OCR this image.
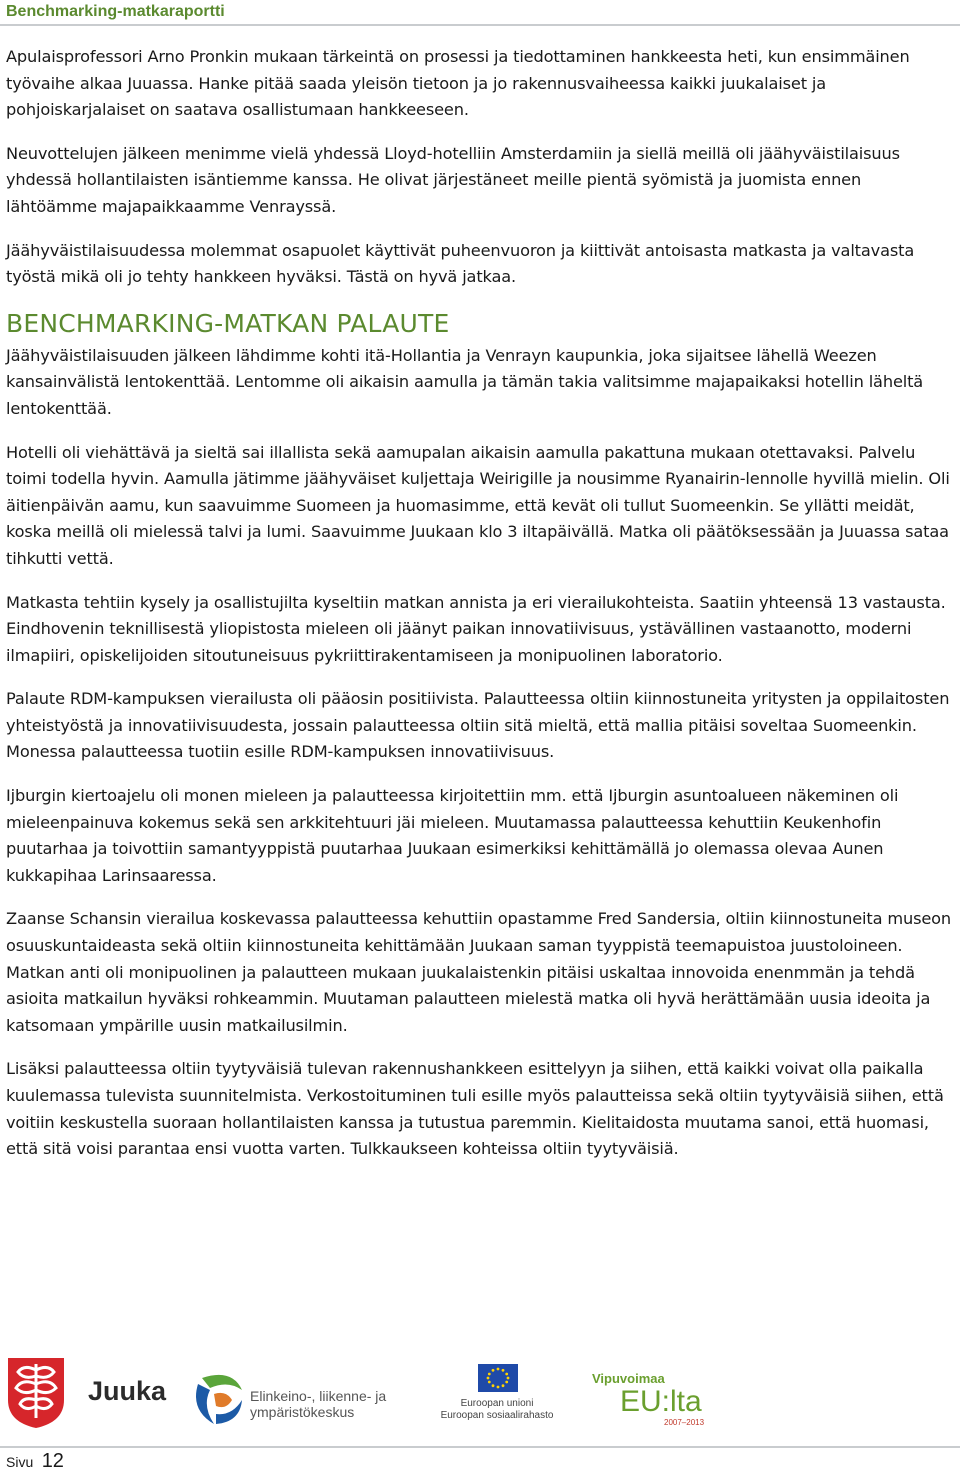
Benchmarking-matkaraportti

Apulaisprofessori Arno Pronkin mukaan tärkeintä on prosessi ja tiedottaminen hankkeesta heti, kun ensimmäinen työvaihe alkaa Juuassa. Hanke pitää saada yleisön tietoon ja jo rakennusvaiheessa kaikki juukalaiset ja pohjoiskarjalaiset on saatava osallistumaan hankkeeseen.

Neuvottelujen jälkeen menimme vielä yhdessä Lloyd-hotelliin Amsterdamiin ja siellä meillä oli jäähyväistilaisuus yhdessä hollantilaisten isäntiemme kanssa. He olivat järjestäneet meille pientä syömistä ja juomista ennen lähtöämme majapaikkaamme Venrayssä.

Jäähyväistilaisuudessa molemmat osapuolet käyttivät puheenvuoron ja kiittivät antoisasta matkasta ja valtavasta työstä mikä oli jo tehty hankkeen hyväksi. Tästä on hyvä jatkaa.

BENCHMARKING-MATKAN PALAUTE

Jäähyväistilaisuuden jälkeen lähdimme kohti itä-Hollantia ja Venrayn kaupunkia, joka sijaitsee lähellä Weezen kansainvälistä lentokenttää. Lentomme oli aikaisin aamulla ja tämän takia valitsimme majapaikaksi hotellin läheltä lentokenttää.

Hotelli oli viehättävä ja sieltä sai illallista sekä aamupalan aikaisin aamulla pakattuna mukaan otettavaksi. Palvelu toimi todella hyvin. Aamulla jätimme jäähyväiset kuljettaja Weirigille ja nousimme Ryanairin-lennolle hyvillä mielin. Oli äitienpäivän aamu, kun saavuimme Suomeen ja huomasimme, että kevät oli tullut Suomeenkin. Se yllätti meidät, koska meillä oli mielessä talvi ja lumi. Saavuimme Juukaan klo 3 iltapäivällä. Matka oli päätöksessään ja Juuassa sataa tihkutti vettä.

Matkasta tehtiin kysely ja osallistujilta kyseltiin matkan annista ja eri vierailukohteista. Saatiin yhteensä 13 vastausta. Eindhovenin teknillisestä yliopistosta mieleen oli jäänyt paikan innovatiivisuus, ystävällinen vastaanotto, moderni ilmapiiri, opiskelijoiden sitoutuneisuus pykriittirakentamiseen ja monipuolinen laboratorio.

Palaute RDM-kampuksen vierailusta oli pääosin positiivista. Palautteessa oltiin kiinnostuneita yritysten ja oppilaitosten yhteistyöstä ja innovatiivisuudesta, jossain palautteessa oltiin sitä mieltä, että mallia pitäisi soveltaa Suomeenkin. Monessa palautteessa tuotiin esille RDM-kampuksen innovatiivisuus.

Ijburgin kiertoajelu oli monen mieleen ja palautteessa kirjoitettiin mm. että Ijburgin asuntoalueen näkeminen oli mieleenpainuva kokemus sekä sen arkkitehtuuri jäi mieleen. Muutamassa palautteessa kehuttiin Keukenhofin puutarhaa ja toivottiin samantyyppistä puutarhaa Juukaan esimerkiksi kehittämällä jo olemassa olevaa Aunen kukkapihaa Larinsaaressa.

Zaanse Schansin vierailua koskevassa palautteessa kehuttiin opastamme Fred Sandersia, oltiin kiinnostuneita museon osuuskuntaideasta sekä oltiin kiinnostuneita kehittämään Juukaan saman tyyppistä teemapuistoa juustoloineen. Matkan anti oli monipuolinen ja palautteen mukaan juukalaistenkin pitäisi uskaltaa innovoida enenmmän ja tehdä asioita matkailun hyväksi rohkeammin. Muutaman palautteen mielestä matka oli hyvä herättämään uusia ideoita ja katsomaan ympärille uusin matkailusilmin.

Lisäksi palautteessa oltiin tyytyväisiä tulevan rakennushankkeen esittelyyn ja siihen, että kaikki voivat olla paikalla kuulemassa tulevista suunnitelmista. Verkostoituminen tuli esille myös palautteissa sekä oltiin tyytyväisiä siihen, että voitiin keskustella suoraan hollantilaisten kanssa ja tutustua paremmin. Kielitaidosta muutama sanoi, että huomasi, että sitä voisi parantaa ensi vuotta varten. Tulkkaukseen kohteissa oltiin tyytyväisiä.

Juuka	Elinkeino-, liikenne- ja
ympäristökeskus
Euroopan unioni
Euroopan sosiaalirahasto
Vipuvoimaa
EU:lta
2007–2013
Sivu 12
